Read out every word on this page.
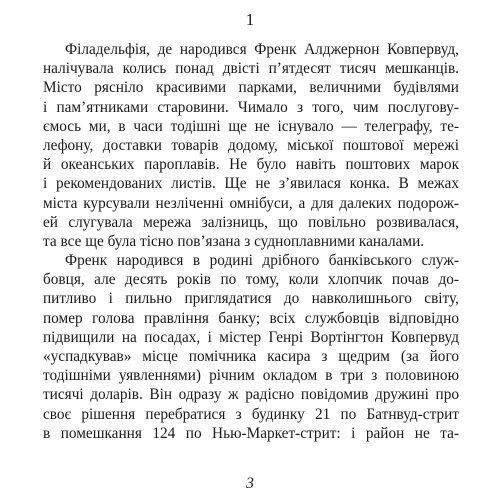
1
Філадельфія, де народився Френк Алджернон Ковпервуд,
налічувала колись понад двісті п’ятдесят тисяч мешканців.
Місто рясніло красивими парками, величними будівлями
і пам’ятниками старовини. Чимало з того, чим послугову-
ємось ми, в часи тодішні ще не існувало — телеграфу, те-
лефону, доставки товарів додому, міської поштової мережі
й океанських пароплавів. Не було навіть поштових марок
і рекомендованих листів. Ще не з’явилася конка. В межах
міста курсували незліченні омнібуси, а для далеких подорож-
ей слугувала мережа залізниць, що повільно розвивалася,
та все ще була тісно пов’язана з судноплавними каналами.
Френк народився в родині дрібного банківського служ-
бовця, але десять років по тому, коли хлопчик почав до-
питливо і пильно приглядатися до навколишнього світу,
помер голова правління банку; всіх службовців відповідно
підвищили на посадах, і містер Генрі Вортінгтон Ковпервуд
«успадкував» місце помічника касира з щедрим (за його
тодішніми уявленнями) річним окладом в три з половиною
тисячі доларів. Він одразу ж радісно повідомив дружині про
своє рішення перебратися з будинку 21 по Батнвуд-стрит
в помешкання 124 по Нью-Маркет-стрит: і район не та-
3
